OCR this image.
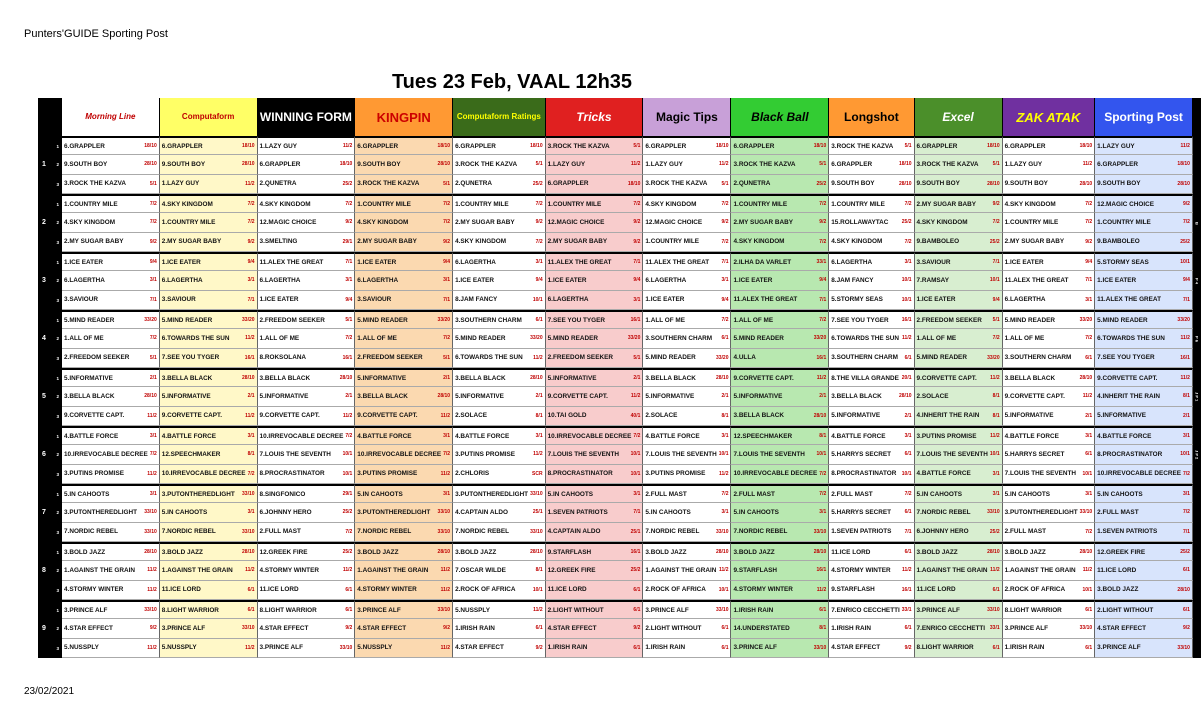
Punters'GUIDE Sporting Post
Tues 23 Feb, VAAL 12h35
Morning Line	Computaform	WINNING FORM	KINGPIN	Computaform Ratings	Tricks	Magic Tips	Black Ball	Longshot	Excel	ZAK ATAK	Sporting Post
1 6.GRAPPLER	18/10 6.GRAPPLER	18/10 1.LAZY GUY	11/2 6.GRAPPLER	18/10 6.GRAPPLER	18/10 3.ROCK THE KAZVA	5/1 6.GRAPPLER	18/10 6.GRAPPLER	18/10 3.ROCK THE KAZVA	5/1 6.GRAPPLER	18/10 6.GRAPPLER	18/10 1.LAZY GUY	11/2
1 2 9.SOUTH BOY	28/10 9.SOUTH BOY	28/10 6.GRAPPLER	18/10 9.SOUTH BOY	28/10 3.ROCK THE KAZVA	5/1 1.LAZY GUY	11/2 1.LAZY GUY	11/2 3.ROCK THE KAZVA	5/1 6.GRAPPLER	18/10 3.ROCK THE KAZVA	5/1 1.LAZY GUY	11/2 6.GRAPPLER	18/10
3 3.ROCK THE KAZVA	5/1 1.LAZY GUY	11/2 2.QUNETRA	25/2 3.ROCK THE KAZVA	5/1 2.QUNETRA	25/2 6.GRAPPLER	18/10 3.ROCK THE KAZVA	5/1 2.QUNETRA	25/2 9.SOUTH BOY	28/10 9.SOUTH BOY	28/10 9.SOUTH BOY	28/10 9.SOUTH BOY	28/10
1 1.COUNTRY MILE	7/2 4.SKY KINGDOM	7/2 4.SKY KINGDOM	7/2 1.COUNTRY MILE	7/2 1.COUNTRY MILE	7/2 1.COUNTRY MILE	7/2 4.SKY KINGDOM	7/2 1.COUNTRY MILE	7/2 1.COUNTRY MILE	7/2 2.MY SUGAR BABY	9/2 4.SKY KINGDOM	7/2 12.MAGIC CHOICE	9/2
2 2 4.SKY KINGDOM	7/2 1.COUNTRY MILE	7/2 12.MAGIC CHOICE	9/2 4.SKY KINGDOM	7/2 2.MY SUGAR BABY	9/2 12.MAGIC CHOICE	9/2 12.MAGIC CHOICE	9/2 2.MY SUGAR BABY	9/2 15.ROLLAWAYTAC	25/2 4.SKY KINGDOM	7/2 1.COUNTRY MILE	7/2 1.COUNTRY MILE	7/2	B
3 2.MY SUGAR BABY	9/2 2.MY SUGAR BABY	9/2 3.SMELTING	29/1 2.MY SUGAR BABY	9/2 4.SKY KINGDOM	7/2 2.MY SUGAR BABY	9/2 1.COUNTRY MILE	7/2 4.SKY KINGDOM	7/2 4.SKY KINGDOM	7/2 9.BAMBOLEO	25/2 2.MY SUGAR BABY	9/2 9.BAMBOLEO	25/2
1 1.ICE EATER	9/4 1.ICE EATER	9/4 11.ALEX THE GREAT	7/1 1.ICE EATER	9/4 6.LAGERTHA	3/1 11.ALEX THE GREAT	7/1 11.ALEX THE GREAT	7/1 2.ILHA DA VARLET	33/1 6.LAGERTHA	3/1 3.SAVIOUR	7/1 1.ICE EATER	9/4 5.STORMY SEAS	10/1
3 2 6.LAGERTHA	3/1 6.LAGERTHA	3/1 6.LAGERTHA	3/1 6.LAGERTHA	3/1 1.ICE EATER	9/4 1.ICE EATER	9/4 6.LAGERTHA	3/1 1.ICE EATER	9/4 8.JAM FANCY	10/1 7.RAMSAY	10/1 11.ALEX THE GREAT	7/1 1.ICE EATER	9/4	P 4
3 3.SAVIOUR	7/1 3.SAVIOUR	7/1 1.ICE EATER	9/4 3.SAVIOUR	7/1 8.JAM FANCY	10/1 6.LAGERTHA	3/1 1.ICE EATER	9/4 11.ALEX THE GREAT	7/1 5.STORMY SEAS	10/1 1.ICE EATER	9/4 6.LAGERTHA	3/1 11.ALEX THE GREAT	7/1
1 5.MIND READER	33/20 5.MIND READER	33/20 2.FREEDOM SEEKER	5/1 5.MIND READER	33/20 3.SOUTHERN CHARM	6/1 7.SEE YOU TYGER	16/1 1.ALL OF ME	7/2 1.ALL OF ME	7/2 7.SEE YOU TYGER	16/1 2.FREEDOM SEEKER	5/1 5.MIND READER	33/20 5.MIND READER	33/20
4 2 1.ALL OF ME	7/2 6.TOWARDS THE SUN	11/2 1.ALL OF ME	7/2 1.ALL OF ME	7/2 5.MIND READER	33/20 5.MIND READER	33/20 3.SOUTHERN CHARM	6/1 5.MIND READER	33/20 6.TOWARDS THE SUN 11/2 1.ALL OF ME	7/2 1.ALL OF ME	7/2 6.TOWARDS THE SUN	11/2	P 6
3 2.FREEDOM SEEKER	5/1 7.SEE YOU TYGER	16/1 8.ROKSOLANA	16/1 2.FREEDOM SEEKER	5/1 6.TOWARDS THE SUN	11/2 2.FREEDOM SEEKER	5/1 5.MIND READER	33/20 4.ULLA	16/1 3.SOUTHERN CHARM	6/1 5.MIND READER	33/20 3.SOUTHERN CHARM	6/1 7.SEE YOU TYGER	16/1
1 5.INFORMATIVE	2/1 3.BELLA BLACK	28/10 3.BELLA BLACK	28/10 5.INFORMATIVE	2/1 3.BELLA BLACK	28/10 5.INFORMATIVE	2/1 3.BELLA BLACK	28/10 9.CORVETTE CAPT.	11/2 8.THE VILLA GRANDE 20/1 9.CORVETTE CAPT.	11/2 3.BELLA BLACK	28/10 9.CORVETTE CAPT.	11/2
5 2 3.BELLA BLACK	28/10 5.INFORMATIVE	2/1 5.INFORMATIVE	2/1 3.BELLA BLACK	28/10 5.INFORMATIVE	2/1 9.CORVETTE CAPT.	11/2 5.INFORMATIVE	2/1 5.INFORMATIVE	2/1 3.BELLA BLACK	28/10 2.SOLACE	8/1 9.CORVETTE CAPT.	11/2 4.INHERIT THE RAIN	8/1	J P 1
3 9.CORVETTE CAPT.	11/2 9.CORVETTE CAPT.	11/2 9.CORVETTE CAPT.	11/2 9.CORVETTE CAPT.	11/2 2.SOLACE	8/1 10.TAI GOLD	40/1 2.SOLACE	8/1 3.BELLA BLACK	28/10 5.INFORMATIVE	2/1 4.INHERIT THE RAIN	8/1 5.INFORMATIVE	2/1 5.INFORMATIVE	2/1
1 4.BATTLE FORCE	3/1 4.BATTLE FORCE	3/1 10.IRREVOCABLE DECREE 7/2 4.BATTLE FORCE	3/1 4.BATTLE FORCE	3/1 10.IRREVOCABLE DECREE 7/2 4.BATTLE FORCE	3/1 12.SPEECHMAKER	8/1 4.BATTLE FORCE	3/1 3.PUTINS PROMISE	11/2 4.BATTLE FORCE	3/1 4.BATTLE FORCE	3/1
6 2 10.IRREVOCABLE DECREE 7/2 12.SPEECHMAKER	8/1 7.LOUIS THE SEVENTH	10/1 10.IRREVOCABLE DECREE 7/2 3.PUTINS PROMISE	11/2 7.LOUIS THE SEVENTH	10/1 7.LOUIS THE SEVENTH 10/1 7.LOUIS THE SEVENTH	10/1 5.HARRYS SECRET	6/1 7.LOUIS THE SEVENTH 10/1 5.HARRYS SECRET	6/1 8.PROCRASTINATOR	10/1	J P 2
3 3.PUTINS PROMISE	11/2 10.IRREVOCABLE DECREE 7/2 8.PROCRASTINATOR	10/1 3.PUTINS PROMISE	11/2 2.CHLORIS	SCR 8.PROCRASTINATOR	10/1 3.PUTINS PROMISE	11/2 10.IRREVOCABLE DECREE 7/2 8.PROCRASTINATOR	10/1 4.BATTLE FORCE	3/1 7.LOUIS THE SEVENTH	10/1 10.IRREVOCABLE DECREE 7/2
1 5.IN CAHOOTS	3/1 3.PUTONTHEREDLIGHT	33/10 8.SINGFONICO	29/1 5.IN CAHOOTS	3/1 3.PUTONTHEREDLIGHT 33/10 5.IN CAHOOTS	3/1 2.FULL MAST	7/2 2.FULL MAST	7/2 2.FULL MAST	7/2 5.IN CAHOOTS	3/1 5.IN CAHOOTS	3/1 5.IN CAHOOTS	3/1
7 2 3.PUTONTHEREDLIGHT	33/10 5.IN CAHOOTS	3/1 6.JOHNNY HERO	25/2 3.PUTONTHEREDLIGHT	33/10 4.CAPTAIN ALDO	25/1 1.SEVEN PATRIOTS	7/1 5.IN CAHOOTS	3/1 5.IN CAHOOTS	3/1 5.HARRYS SECRET	6/1 7.NORDIC REBEL	33/10 3.PUTONTHEREDLIGHT 33/10 2.FULL MAST	7/2
3 7.NORDIC REBEL	33/10 7.NORDIC REBEL	33/10 2.FULL MAST	7/2 7.NORDIC REBEL	33/10 7.NORDIC REBEL	33/10 4.CAPTAIN ALDO	25/1 7.NORDIC REBEL	33/10 7.NORDIC REBEL	33/10 1.SEVEN PATRIOTS	7/1 6.JOHNNY HERO	25/2 2.FULL MAST	7/2 1.SEVEN PATRIOTS	7/1
1 3.BOLD JAZZ	28/10 3.BOLD JAZZ	28/10 12.GREEK FIRE	25/2 3.BOLD JAZZ	28/10 3.BOLD JAZZ	28/10 9.STARFLASH	16/1 3.BOLD JAZZ	28/10 3.BOLD JAZZ	28/10 11.ICE LORD	6/1 3.BOLD JAZZ	28/10 3.BOLD JAZZ	28/10 12.GREEK FIRE	25/2
8 2 1.AGAINST THE GRAIN	11/2 1.AGAINST THE GRAIN	11/2 4.STORMY WINTER	11/2 1.AGAINST THE GRAIN	11/2 7.OSCAR WILDE	8/1 12.GREEK FIRE	25/2 1.AGAINST THE GRAIN 11/2 9.STARFLASH	16/1 4.STORMY WINTER	11/2 1.AGAINST THE GRAIN 11/2 1.AGAINST THE GRAIN	11/2 11.ICE LORD	6/1
3 4.STORMY WINTER	11/2 11.ICE LORD	6/1 11.ICE LORD	6/1 4.STORMY WINTER	11/2 2.ROCK OF AFRICA	10/1 11.ICE LORD	6/1 2.ROCK OF AFRICA	10/1 4.STORMY WINTER	11/2 9.STARFLASH	16/1 11.ICE LORD	6/1 2.ROCK OF AFRICA	10/1 3.BOLD JAZZ	28/10
1 3.PRINCE ALF	33/10 8.LIGHT WARRIOR	6/1 8.LIGHT WARRIOR	6/1 3.PRINCE ALF	33/10 5.NUSSPLY	11/2 2.LIGHT WITHOUT	6/1 3.PRINCE ALF	33/10 1.IRISH RAIN	6/1 7.ENRICO CECCHETTI 33/1 3.PRINCE ALF	33/10 8.LIGHT WARRIOR	6/1 2.LIGHT WITHOUT	6/1
9 2 4.STAR EFFECT	9/2 3.PRINCE ALF	33/10 4.STAR EFFECT	9/2 4.STAR EFFECT	9/2 1.IRISH RAIN	6/1 4.STAR EFFECT	9/2 2.LIGHT WITHOUT	6/1 14.UNDERSTATED	8/1 1.IRISH RAIN	6/1 7.ENRICO CECCHETTI 33/1 3.PRINCE ALF	33/10 4.STAR EFFECT	9/2
3 5.NUSSPLY	11/2 5.NUSSPLY	11/2 3.PRINCE ALF	33/10 5.NUSSPLY	11/2 4.STAR EFFECT	9/2 1.IRISH RAIN	6/1 1.IRISH RAIN	6/1 3.PRINCE ALF	33/10 4.STAR EFFECT	9/2 8.LIGHT WARRIOR	6/1 1.IRISH RAIN	6/1 3.PRINCE ALF	33/10
23/02/2021
